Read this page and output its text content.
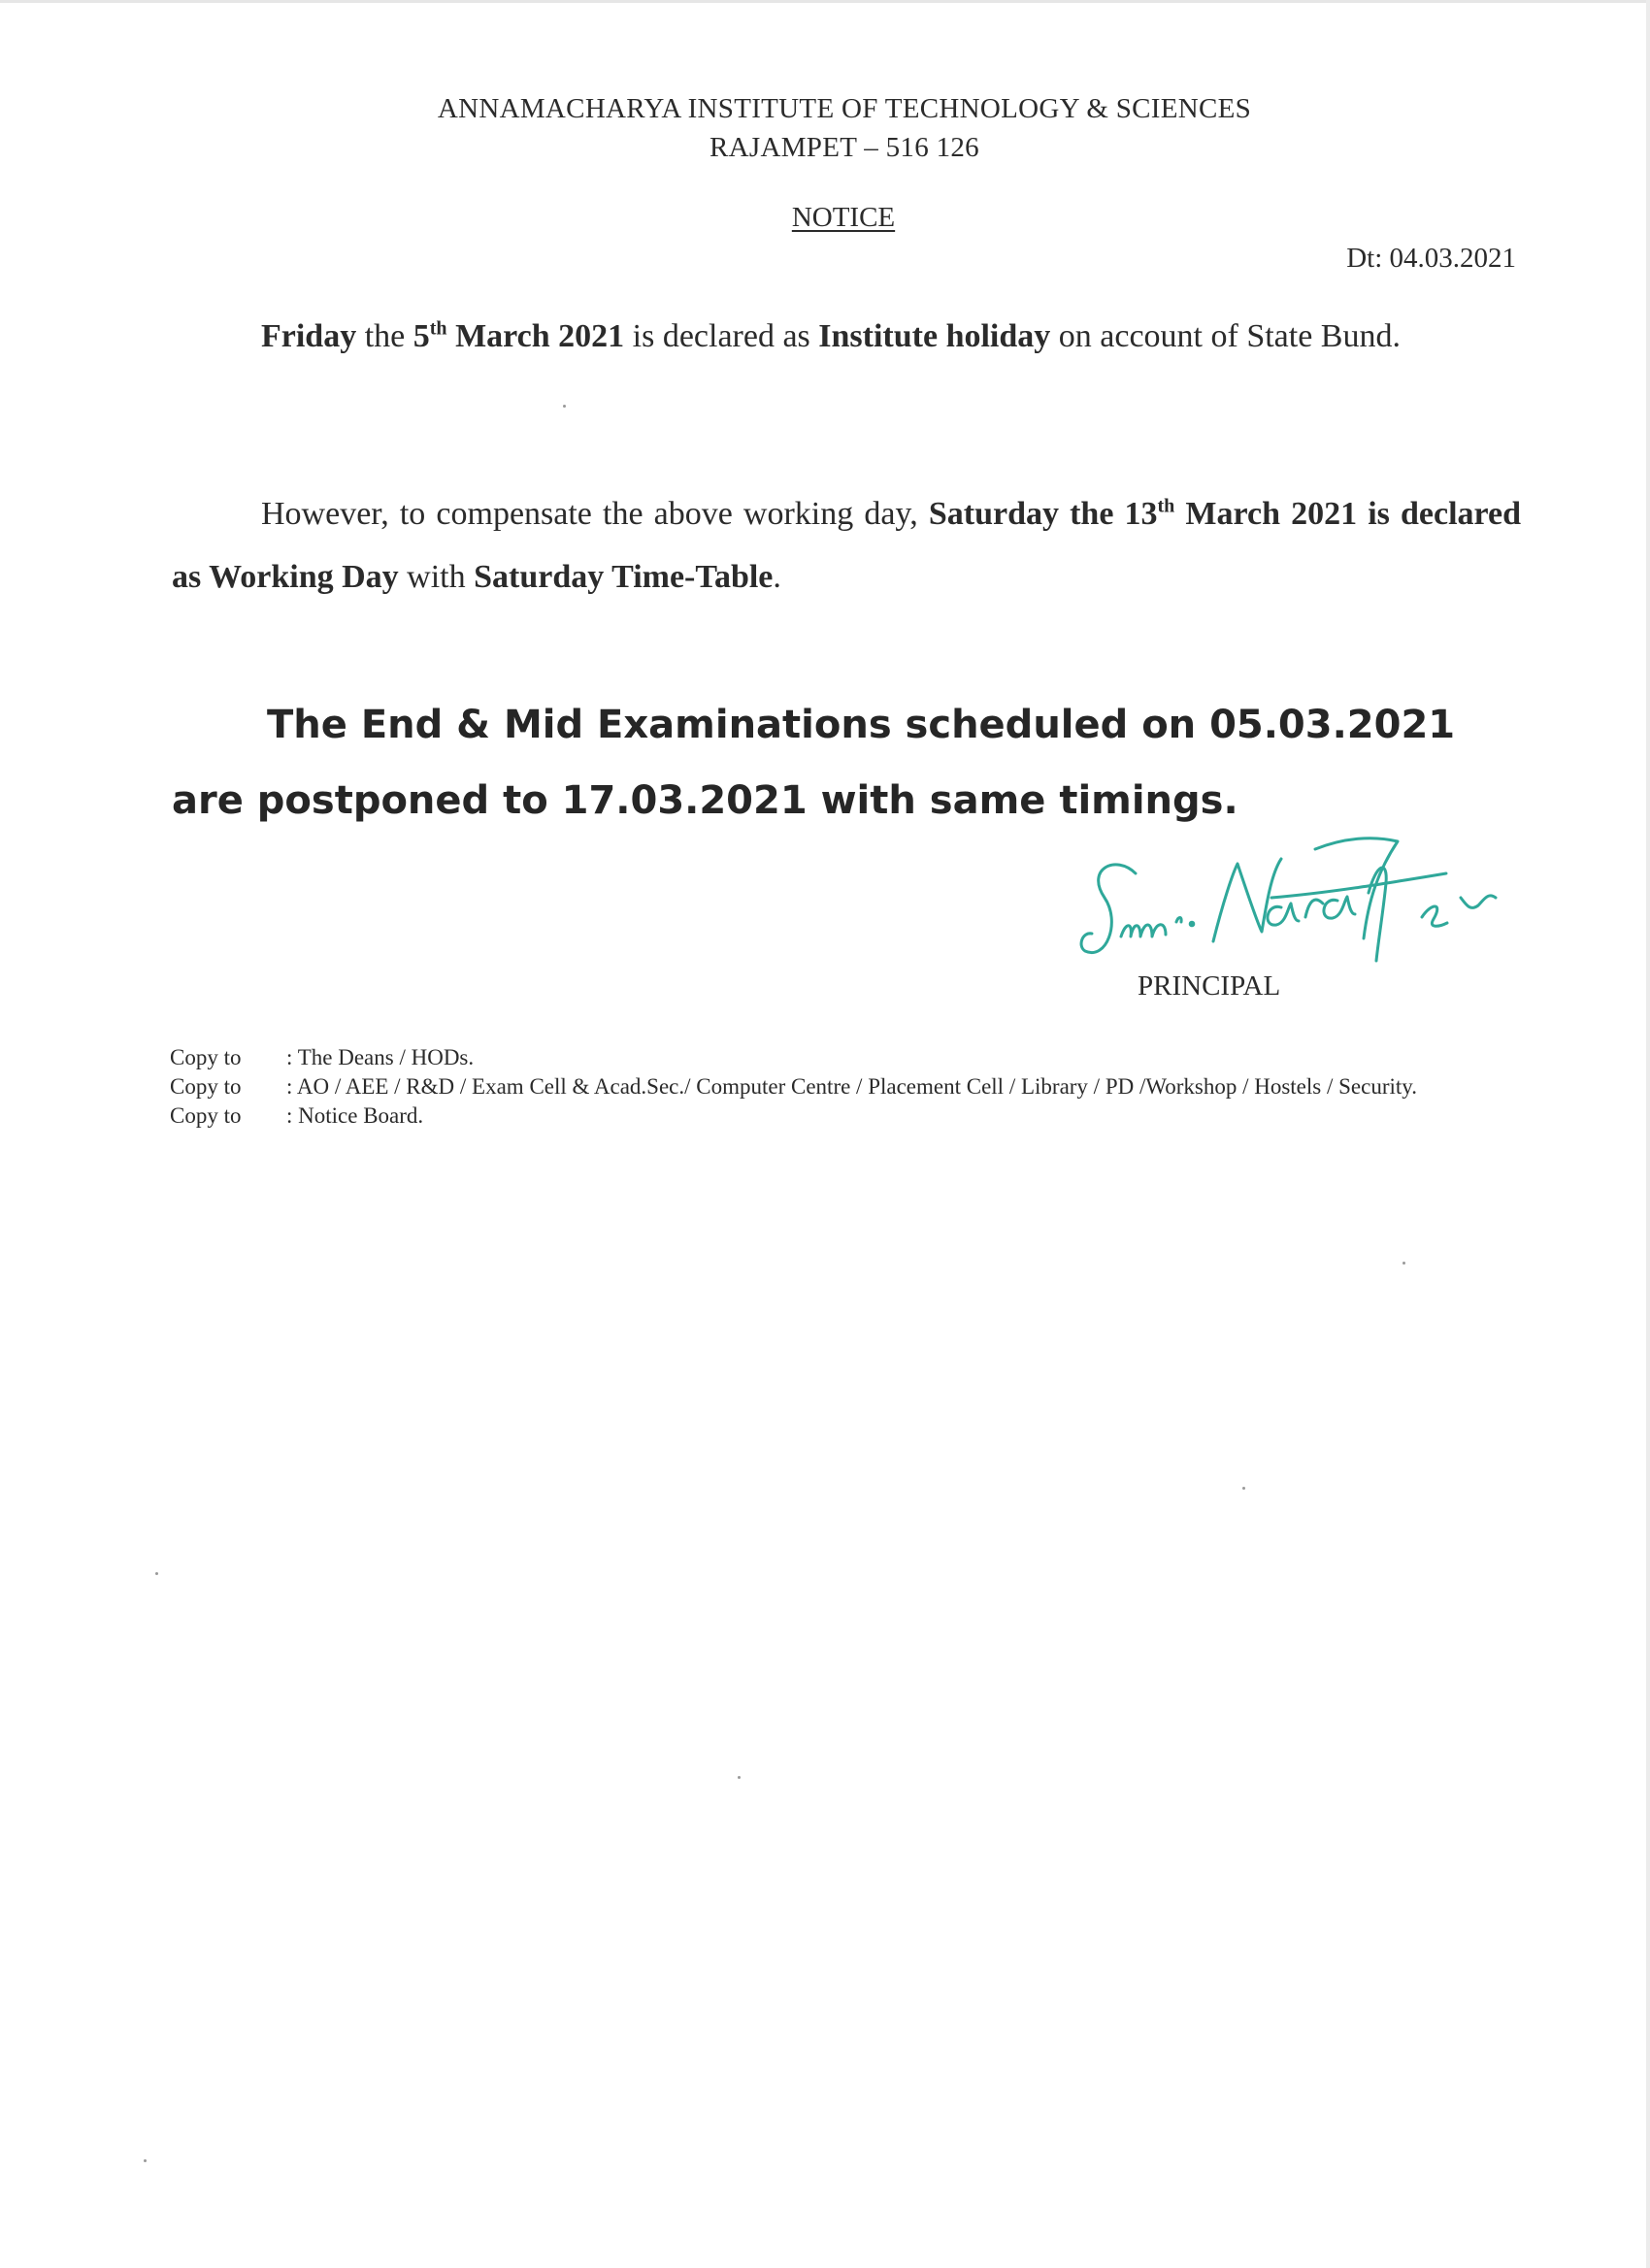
ANNAMACHARYA INSTITUTE OF TECHNOLOGY & SCIENCES
RAJAMPET – 516 126
NOTICE
Dt: 04.03.2021
Friday the 5th March 2021 is declared as Institute holiday on account of State Bund.
However, to compensate the above working day, Saturday the 13th March 2021 is declared as Working Day with Saturday Time-Table.
The End & Mid Examinations scheduled on 05.03.2021
are postponed to 17.03.2021 with same timings.
PRINCIPAL
Copy to : The Deans / HODs.
Copy to : AO / AEE / R&D / Exam Cell & Acad.Sec./ Computer Centre / Placement Cell / Library / PD /Workshop / Hostels / Security.
Copy to : Notice Board.
